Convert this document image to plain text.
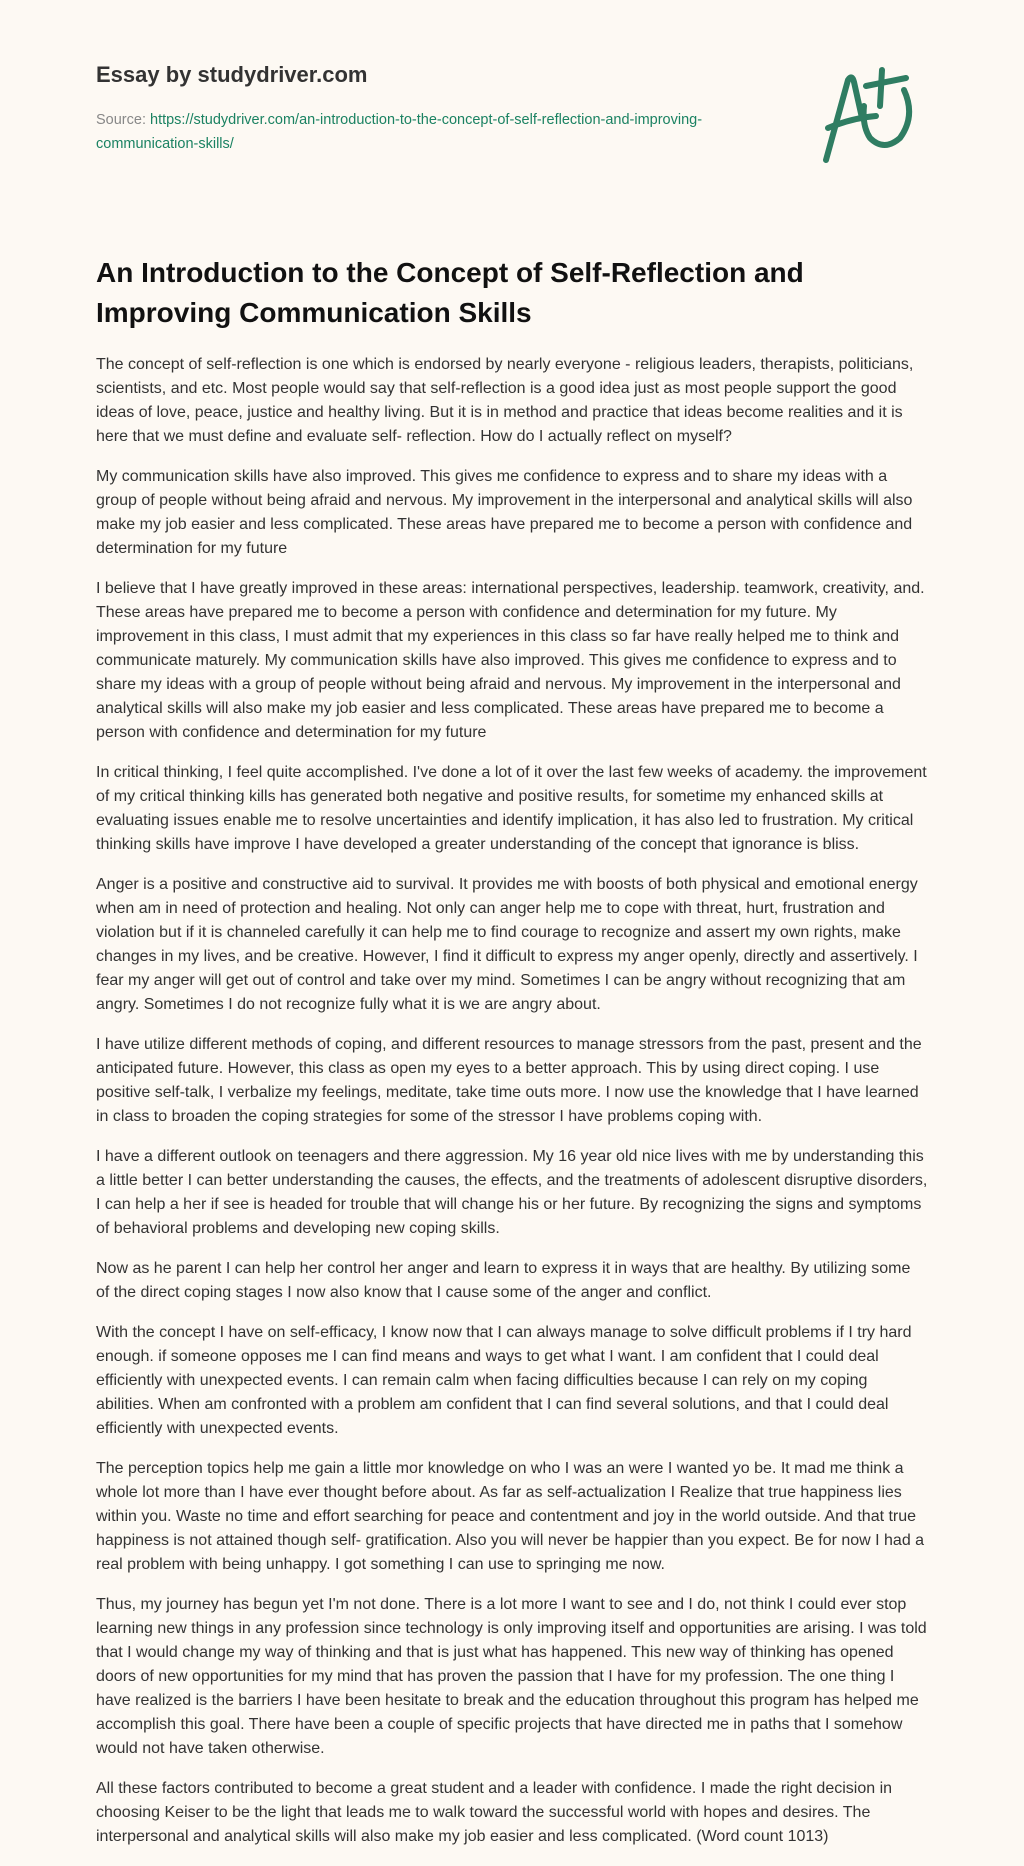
Essay by studydriver.com
Source: https://studydriver.com/an-introduction-to-the-concept-of-self-reflection-and-improving-communication-skills/
An Introduction to the Concept of Self-Reflection and Improving Communication Skills

The concept of self-reflection is one which is endorsed by nearly everyone - religious leaders, therapists, politicians, scientists, and etc. Most people would say that self-reflection is a good idea just as most people support the good ideas of love, peace, justice and healthy living. But it is in method and practice that ideas become realities and it is here that we must define and evaluate self- reflection. How do I actually reflect on myself?

My communication skills have also improved. This gives me confidence to express and to share my ideas with a group of people without being afraid and nervous. My improvement in the interpersonal and analytical skills will also make my job easier and less complicated. These areas have prepared me to become a person with confidence and determination for my future

I believe that I have greatly improved in these areas: international perspectives, leadership. teamwork, creativity, and. These areas have prepared me to become a person with confidence and determination for my future. My improvement in this class, I must admit that my experiences in this class so far have really helped me to think and communicate maturely. My communication skills have also improved. This gives me confidence to express and to share my ideas with a group of people without being afraid and nervous. My improvement in the interpersonal and analytical skills will also make my job easier and less complicated. These areas have prepared me to become a person with confidence and determination for my future

In critical thinking, I feel quite accomplished. I've done a lot of it over the last few weeks of academy. the improvement of my critical thinking kills has generated both negative and positive results, for sometime my enhanced skills at evaluating issues enable me to resolve uncertainties and identify implication, it has also led to frustration. My critical thinking skills have improve I have developed a greater understanding of the concept that ignorance is bliss.

Anger is a positive and constructive aid to survival. It provides me with boosts of both physical and emotional energy when am in need of protection and healing. Not only can anger help me to cope with threat, hurt, frustration and violation but if it is channeled carefully it can help me to find courage to recognize and assert my own rights, make changes in my lives, and be creative. However, I find it difficult to express my anger openly, directly and assertively. I fear my anger will get out of control and take over my mind. Sometimes I can be angry without recognizing that am angry. Sometimes I do not recognize fully what it is we are angry about.

I have utilize different methods of coping, and different resources to manage stressors from the past, present and the anticipated future. However, this class as open my eyes to a better approach. This by using direct coping. I use positive self-talk, I verbalize my feelings, meditate, take time outs more. I now use the knowledge that I have learned in class to broaden the coping strategies for some of the stressor I have problems coping with.

I have a different outlook on teenagers and there aggression. My 16 year old nice lives with me by understanding this a little better I can better understanding the causes, the effects, and the treatments of adolescent disruptive disorders, I can help a her if see is headed for trouble that will change his or her future. By recognizing the signs and symptoms of behavioral problems and developing new coping skills.

Now as he parent I can help her control her anger and learn to express it in ways that are healthy. By utilizing some of the direct coping stages I now also know that I cause some of the anger and conflict.

With the concept I have on self-efficacy, I know now that I can always manage to solve difficult problems if I try hard enough. if someone opposes me I can find means and ways to get what I want. I am confident that I could deal efficiently with unexpected events. I can remain calm when facing difficulties because I can rely on my coping abilities. When am confronted with a problem am confident that I can find several solutions, and that I could deal efficiently with unexpected events.

The perception topics help me gain a little mor knowledge on who I was an were I wanted yo be. It mad me think a whole lot more than I have ever thought before about. As far as self-actualization I Realize that true happiness lies within you. Waste no time and effort searching for peace and contentment and joy in the world outside. And that true happiness is not attained though self- gratification. Also you will never be happier than you expect. Be for now I had a real problem with being unhappy. I got something I can use to springing me now.

Thus, my journey has begun yet I'm not done. There is a lot more I want to see and I do, not think I could ever stop learning new things in any profession since technology is only improving itself and opportunities are arising. I was told that I would change my way of thinking and that is just what has happened. This new way of thinking has opened doors of new opportunities for my mind that has proven the passion that I have for my profession. The one thing I have realized is the barriers I have been hesitate to break and the education throughout this program has helped me accomplish this goal. There have been a couple of specific projects that have directed me in paths that I somehow would not have taken otherwise.

All these factors contributed to become a great student and a leader with confidence. I made the right decision in choosing Keiser to be the light that leads me to walk toward the successful world with hopes and desires. The interpersonal and analytical skills will also make my job easier and less complicated. (Word count 1013)
